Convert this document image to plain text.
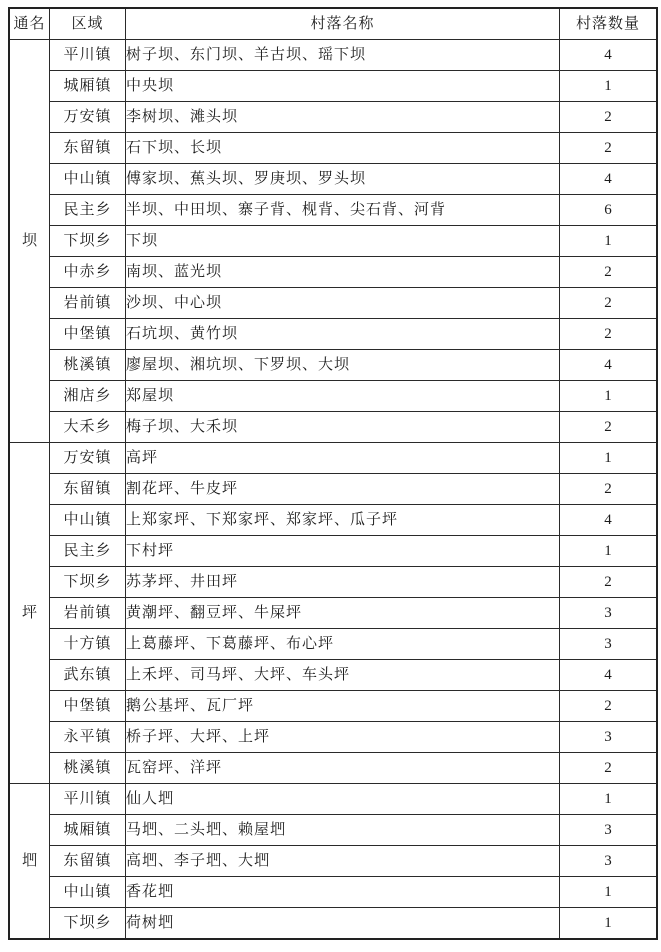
通名	区域	村落名称	村落数量
坝	平川镇	树子坝、东门坝、羊古坝、瑶下坝	4
	城厢镇	中央坝	1
	万安镇	李树坝、滩头坝	2
	东留镇	石下坝、长坝	2
	中山镇	傅家坝、蕉头坝、罗庚坝、罗头坝	4
	民主乡	半坝、中田坝、寨子背、枧背、尖石背、河背	6
	下坝乡	下坝	1
	中赤乡	南坝、蓝光坝	2
	岩前镇	沙坝、中心坝	2
	中堡镇	石坑坝、黄竹坝	2
	桃溪镇	廖屋坝、湘坑坝、下罗坝、大坝	4
	湘店乡	郑屋坝	1
	大禾乡	梅子坝、大禾坝	2
坪	万安镇	高坪	1
	东留镇	割花坪、牛皮坪	2
	中山镇	上郑家坪、下郑家坪、郑家坪、瓜子坪	4
	民主乡	下村坪	1
	下坝乡	苏茅坪、井田坪	2
	岩前镇	黄潮坪、翻豆坪、牛屎坪	3
	十方镇	上葛藤坪、下葛藤坪、布心坪	3
	武东镇	上禾坪、司马坪、大坪、车头坪	4
	中堡镇	鹅公基坪、瓦厂坪	2
	永平镇	桥子坪、大坪、上坪	3
	桃溪镇	瓦窑坪、洋坪	2
垇	平川镇	仙人垇	1
	城厢镇	马垇、二头垇、赖屋垇	3
	东留镇	高垇、李子垇、大垇	3
	中山镇	香花垇	1
	下坝乡	荷树垇	1
